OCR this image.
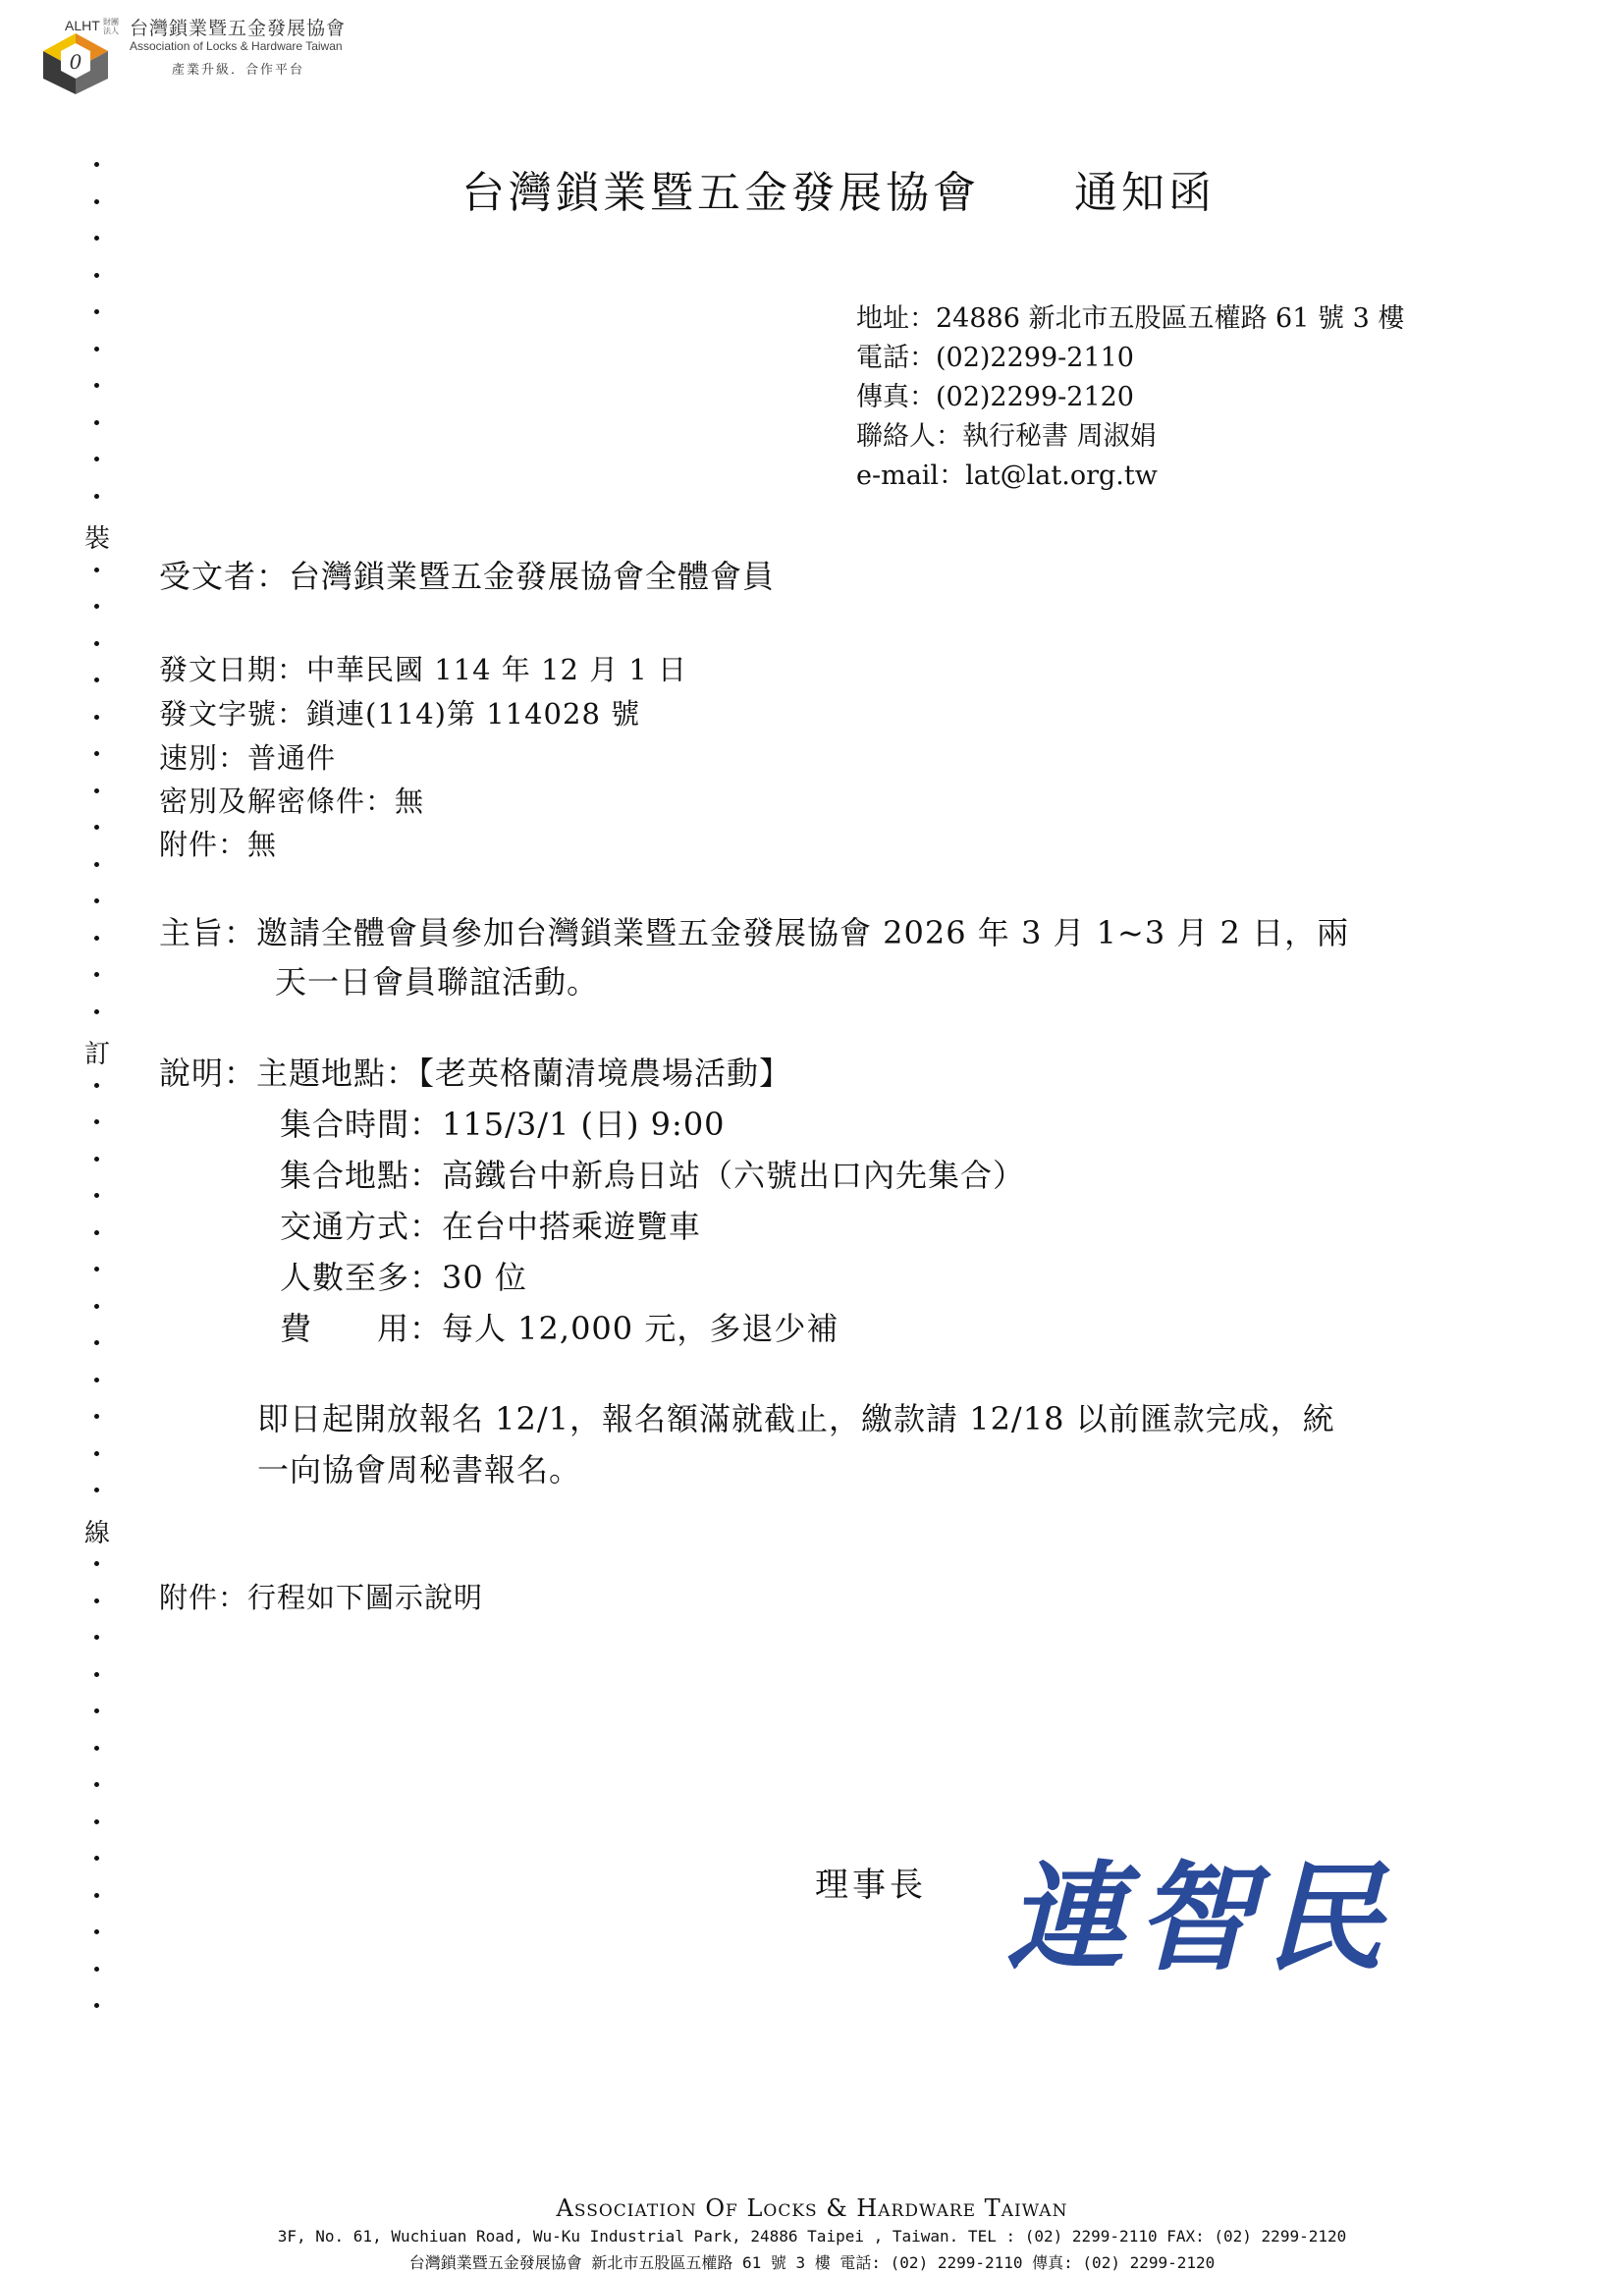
0
ALHT 財團法人 台灣鎖業暨五金發展協會
Association of Locks & Hardware Taiwan
產業升級．合作平台
裝
訂
線
台灣鎖業暨五金發展協會　　通知函
地址：24886 新北市五股區五權路 61 號 3 樓
電話：(02)2299-2110
傳真：(02)2299-2120
聯絡人：執行秘書 周淑娟
e-mail：lat@lat.org.tw
受文者：台灣鎖業暨五金發展協會全體會員
發文日期：中華民國 114 年 12 月 1 日
發文字號：鎖連(114)第 114028 號
速別：普通件
密別及解密條件：無
附件：無
主旨：邀請全體會員參加台灣鎖業暨五金發展協會 2026 年 3 月 1~3 月 2 日，兩
天一日會員聯誼活動。
說明：主題地點：【老英格蘭清境農場活動】
集合時間：115/3/1 (日) 9:00
集合地點：高鐵台中新烏日站（六號出口內先集合）
交通方式：在台中搭乘遊覽車
人數至多：30 位
費　　用：每人 12,000 元，多退少補
即日起開放報名 12/1，報名額滿就截止，繳款請 12/18 以前匯款完成，統
一向協會周秘書報名。
附件：行程如下圖示說明
理事長 連智民
Association Of Locks & Hardware Taiwan
3F, No. 61, Wuchiuan Road, Wu-Ku Industrial Park, 24886 Taipei , Taiwan. TEL : (02) 2299-2110 FAX: (02) 2299-2120
台灣鎖業暨五金發展協會 新北市五股區五權路 61 號 3 樓 電話: (02) 2299-2110 傳真: (02) 2299-2120
